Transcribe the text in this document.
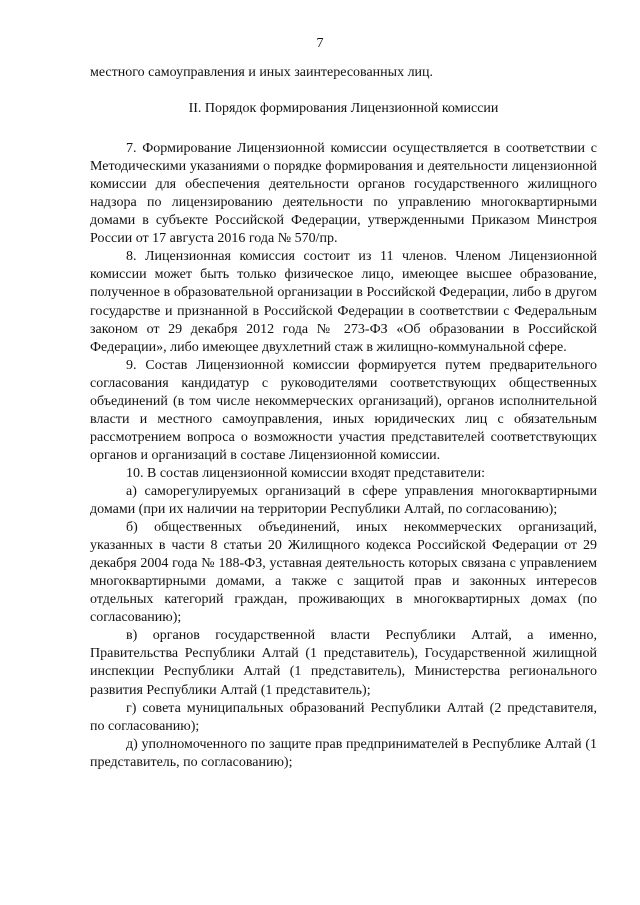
7

местного самоуправления и иных заинтересованных лиц.

II. Порядок формирования Лицензионной комиссии

7. Формирование Лицензионной комиссии осуществляется в соответствии с Методическими указаниями о порядке формирования и деятельности лицензионной комиссии для обеспечения деятельности органов государственного жилищного надзора по лицензированию деятельности по управлению многоквартирными домами в субъекте Российской Федерации, утвержденными Приказом Минстроя России от 17 августа 2016 года № 570/пр.

8. Лицензионная комиссия состоит из 11 членов. Членом Лицензионной комиссии может быть только физическое лицо, имеющее высшее образование, полученное в образовательной организации в Российской Федерации, либо в другом государстве и признанной в Российской Федерации в соответствии с Федеральным законом от 29 декабря 2012 года № 273-ФЗ «Об образовании в Российской Федерации», либо имеющее двухлетний стаж в жилищно-коммунальной сфере.

9. Состав Лицензионной комиссии формируется путем предварительного согласования кандидатур с руководителями соответствующих общественных объединений (в том числе некоммерческих организаций), органов исполнительной власти и местного самоуправления, иных юридических лиц с обязательным рассмотрением вопроса о возможности участия представителей соответствующих органов и организаций в составе Лицензионной комиссии.

10. В состав лицензионной комиссии входят представители:

а) саморегулируемых организаций в сфере управления многоквартирными домами (при их наличии на территории Республики Алтай, по согласованию);

б) общественных объединений, иных некоммерческих организаций, указанных в части 8 статьи 20 Жилищного кодекса Российской Федерации от 29 декабря 2004 года № 188-ФЗ, уставная деятельность которых связана с управлением многоквартирными домами, а также с защитой прав и законных интересов отдельных категорий граждан, проживающих в многоквартирных домах (по согласованию);

в) органов государственной власти Республики Алтай, а именно, Правительства Республики Алтай (1 представитель), Государственной жилищной инспекции Республики Алтай (1 представитель), Министерства регионального развития Республики Алтай (1 представитель);

г) совета муниципальных образований Республики Алтай (2 представителя, по согласованию);

д) уполномоченного по защите прав предпринимателей в Республике Алтай (1 представитель, по согласованию);
